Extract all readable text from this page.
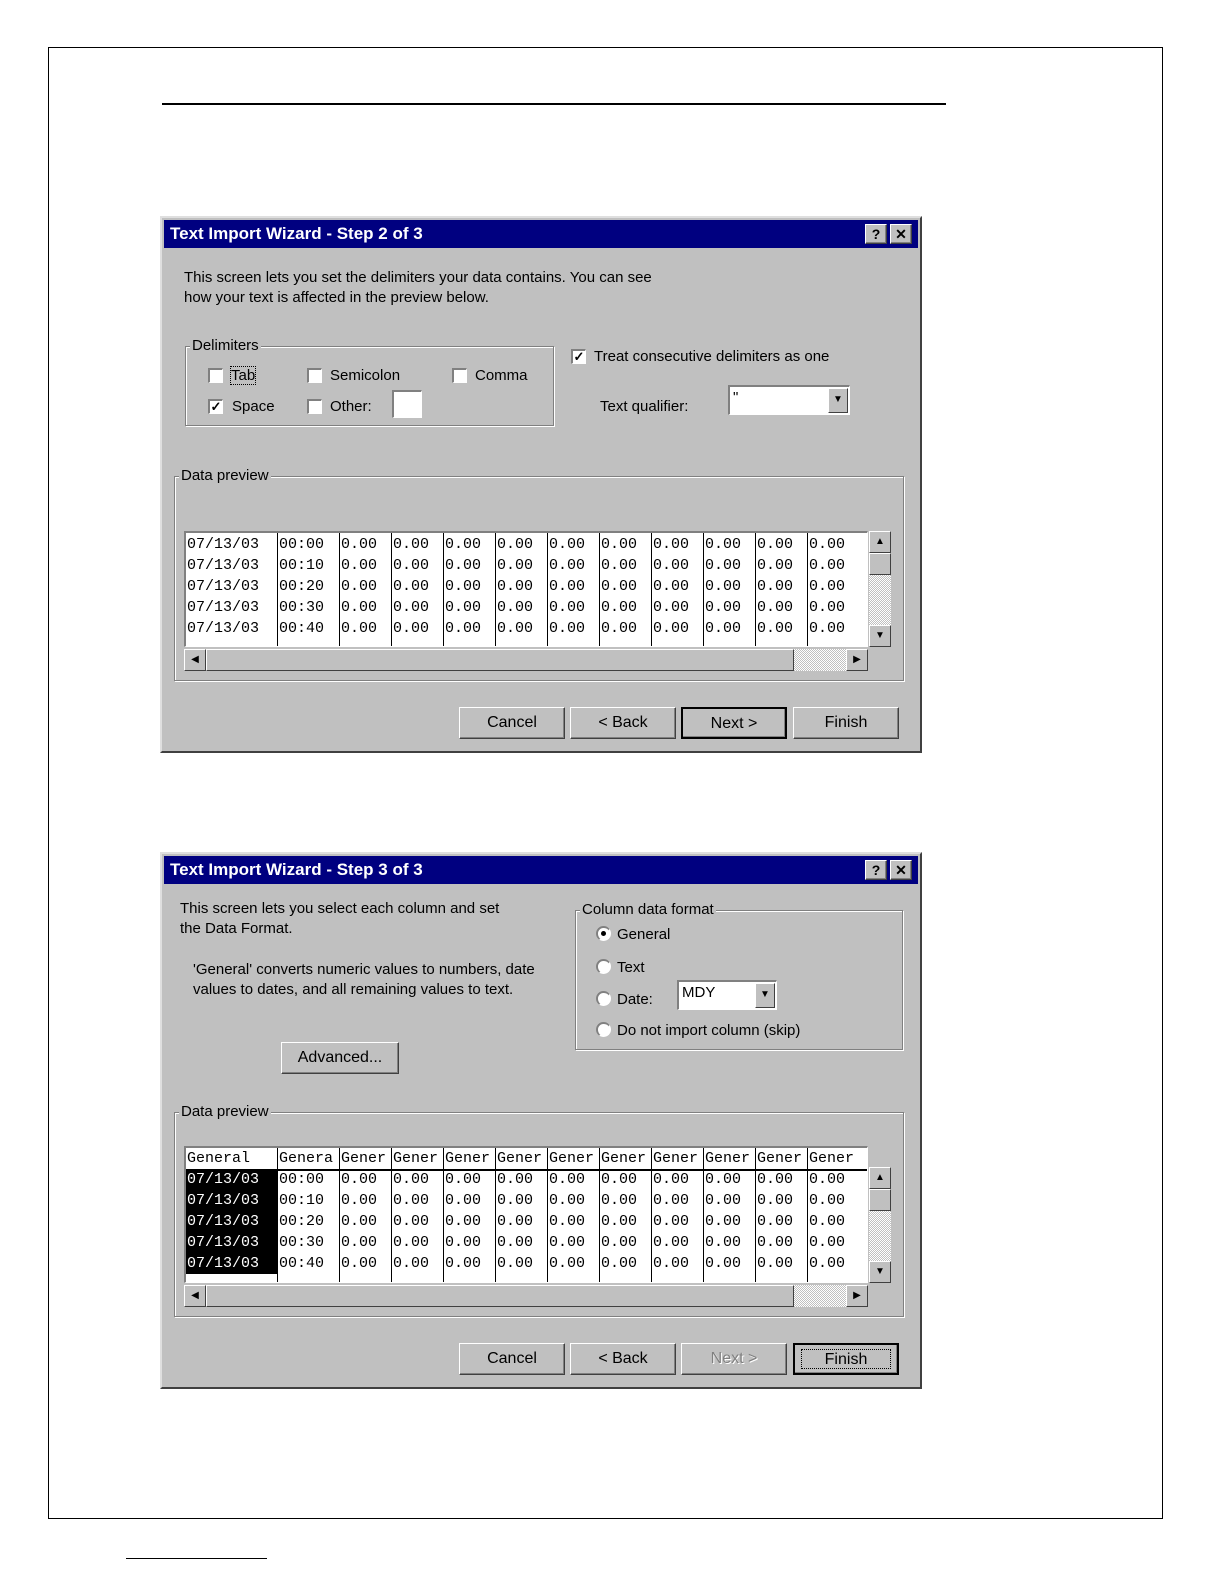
Text Import Wizard - Step 2 of 3	?	✕
This screen lets you set the delimiters your data contains. You can see
how your text is affected in the preview below.
Delimiters
Tab	Semicolon	Comma
✓ Space	Other:
✓ Treat consecutive delimiters as one
Text qualifier:
"	▼
Data preview
07/13/03	00:00	0.00	0.00	0.00	0.00	0.00	0.00	0.00	0.00	0.00	0.00
07/13/03	00:10	0.00	0.00	0.00	0.00	0.00	0.00	0.00	0.00	0.00	0.00
07/13/03	00:20	0.00	0.00	0.00	0.00	0.00	0.00	0.00	0.00	0.00	0.00
07/13/03	00:30	0.00	0.00	0.00	0.00	0.00	0.00	0.00	0.00	0.00	0.00
07/13/03	00:40	0.00	0.00	0.00	0.00	0.00	0.00	0.00	0.00	0.00	0.00
▲
▼
◀	▶
Cancel	< Back	Next >	Finish
Text Import Wizard - Step 3 of 3	?	✕
This screen lets you select each column and set
the Data Format.
'General' converts numeric values to numbers, date
values to dates, and all remaining values to text.
Advanced...
Column data format
General
Text
Date:	MDY	▼
Do not import column (skip)
Data preview
General	Genera Gener Gener Gener Gener Gener Gener Gener Gener Gener Gener
07/13/03	00:00	0.00	0.00	0.00	0.00	0.00	0.00	0.00	0.00	0.00	0.00
07/13/03	00:10	0.00	0.00	0.00	0.00	0.00	0.00	0.00	0.00	0.00	0.00
07/13/03	00:20	0.00	0.00	0.00	0.00	0.00	0.00	0.00	0.00	0.00	0.00
07/13/03	00:30	0.00	0.00	0.00	0.00	0.00	0.00	0.00	0.00	0.00	0.00
07/13/03	00:40	0.00	0.00	0.00	0.00	0.00	0.00	0.00	0.00	0.00	0.00
▲
▼
◀	▶
Cancel	< Back	Next >	Finish
